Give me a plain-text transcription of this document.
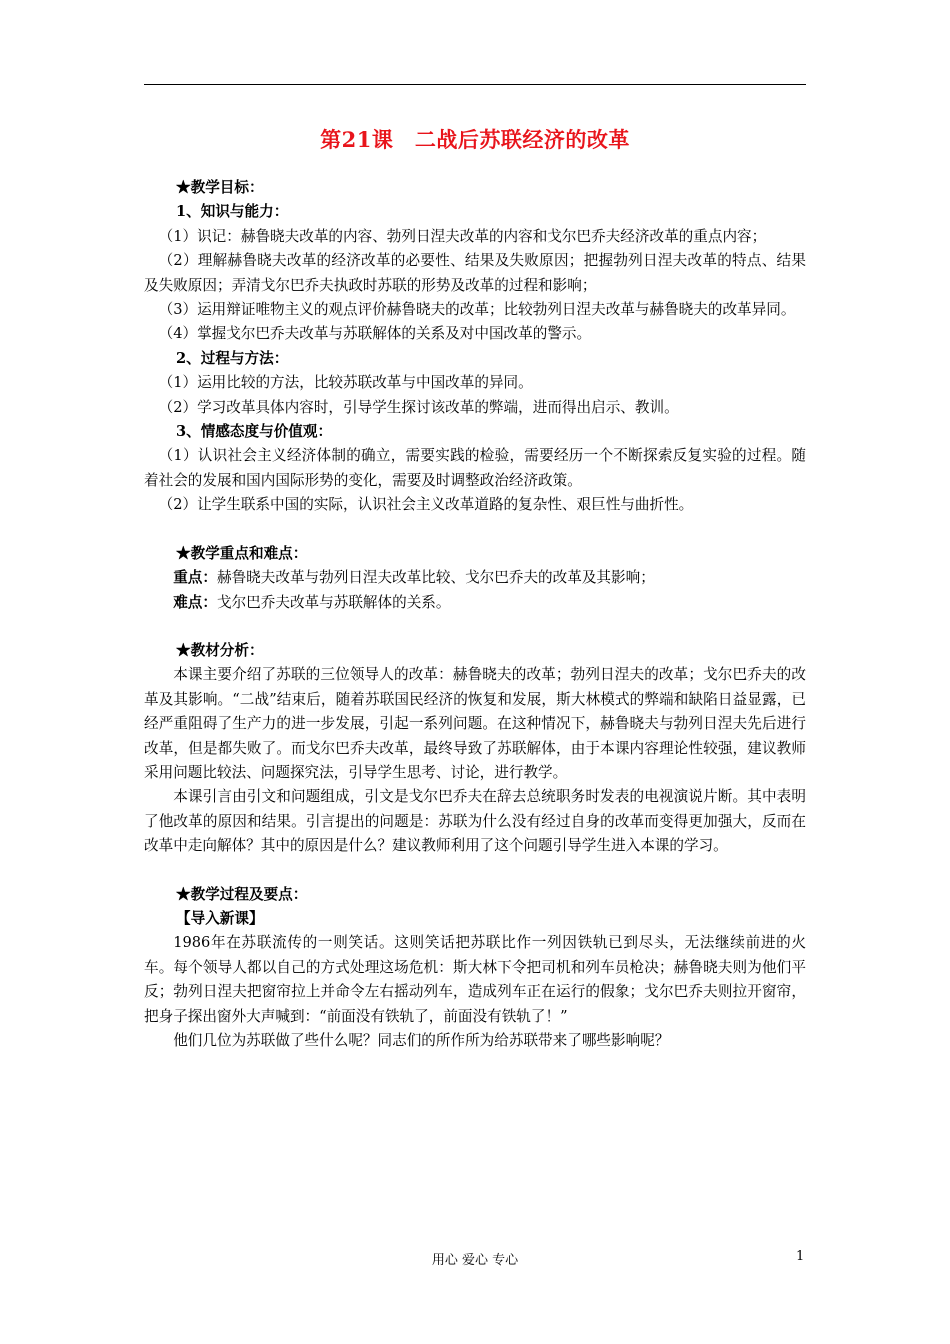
第21课　二战后苏联经济的改革

★教学目标：

1、知识与能力：

（1）识记：赫鲁晓夫改革的内容、勃列日涅夫改革的内容和戈尔巴乔夫经济改革的重点内容；

（2）理解赫鲁晓夫改革的经济改革的必要性、结果及失败原因；把握勃列日涅夫改革的特点、结果及失败原因；弄清戈尔巴乔夫执政时苏联的形势及改革的过程和影响；

（3）运用辩证唯物主义的观点评价赫鲁晓夫的改革；比较勃列日涅夫改革与赫鲁晓夫的改革异同。

（4）掌握戈尔巴乔夫改革与苏联解体的关系及对中国改革的警示。

2、过程与方法：

（1）运用比较的方法，比较苏联改革与中国改革的异同。

（2）学习改革具体内容时，引导学生探讨该改革的弊端，进而得出启示、教训。

3、情感态度与价值观：

（1）认识社会主义经济体制的确立，需要实践的检验，需要经历一个不断探索反复实验的过程。随着社会的发展和国内国际形势的变化，需要及时调整政治经济政策。

（2）让学生联系中国的实际，认识社会主义改革道路的复杂性、艰巨性与曲折性。

★教学重点和难点：

重点：赫鲁晓夫改革与勃列日涅夫改革比较、戈尔巴乔夫的改革及其影响；

难点：戈尔巴乔夫改革与苏联解体的关系。

★教材分析：

本课主要介绍了苏联的三位领导人的改革：赫鲁晓夫的改革；勃列日涅夫的改革；戈尔巴乔夫的改革及其影响。“二战”结束后，随着苏联国民经济的恢复和发展，斯大林模式的弊端和缺陷日益显露，已经严重阻碍了生产力的进一步发展，引起一系列问题。在这种情况下，赫鲁晓夫与勃列日涅夫先后进行改革，但是都失败了。而戈尔巴乔夫改革，最终导致了苏联解体，由于本课内容理论性较强，建议教师采用问题比较法、问题探究法，引导学生思考、讨论，进行教学。

本课引言由引文和问题组成，引文是戈尔巴乔夫在辞去总统职务时发表的电视演说片断。其中表明了他改革的原因和结果。引言提出的问题是：苏联为什么没有经过自身的改革而变得更加强大，反而在改革中走向解体？其中的原因是什么？建议教师利用了这个问题引导学生进入本课的学习。

★教学过程及要点：

【导入新课】

1986年在苏联流传的一则笑话。这则笑话把苏联比作一列因铁轨已到尽头，无法继续前进的火车。每个领导人都以自己的方式处理这场危机：斯大林下令把司机和列车员枪决；赫鲁晓夫则为他们平反；勃列日涅夫把窗帘拉上并命令左右摇动列车，造成列车正在运行的假象；戈尔巴乔夫则拉开窗帘，把身子探出窗外大声喊到：“前面没有铁轨了，前面没有铁轨了！”

他们几位为苏联做了些什么呢？同志们的所作所为给苏联带来了哪些影响呢？

用心 爱心 专心	1
